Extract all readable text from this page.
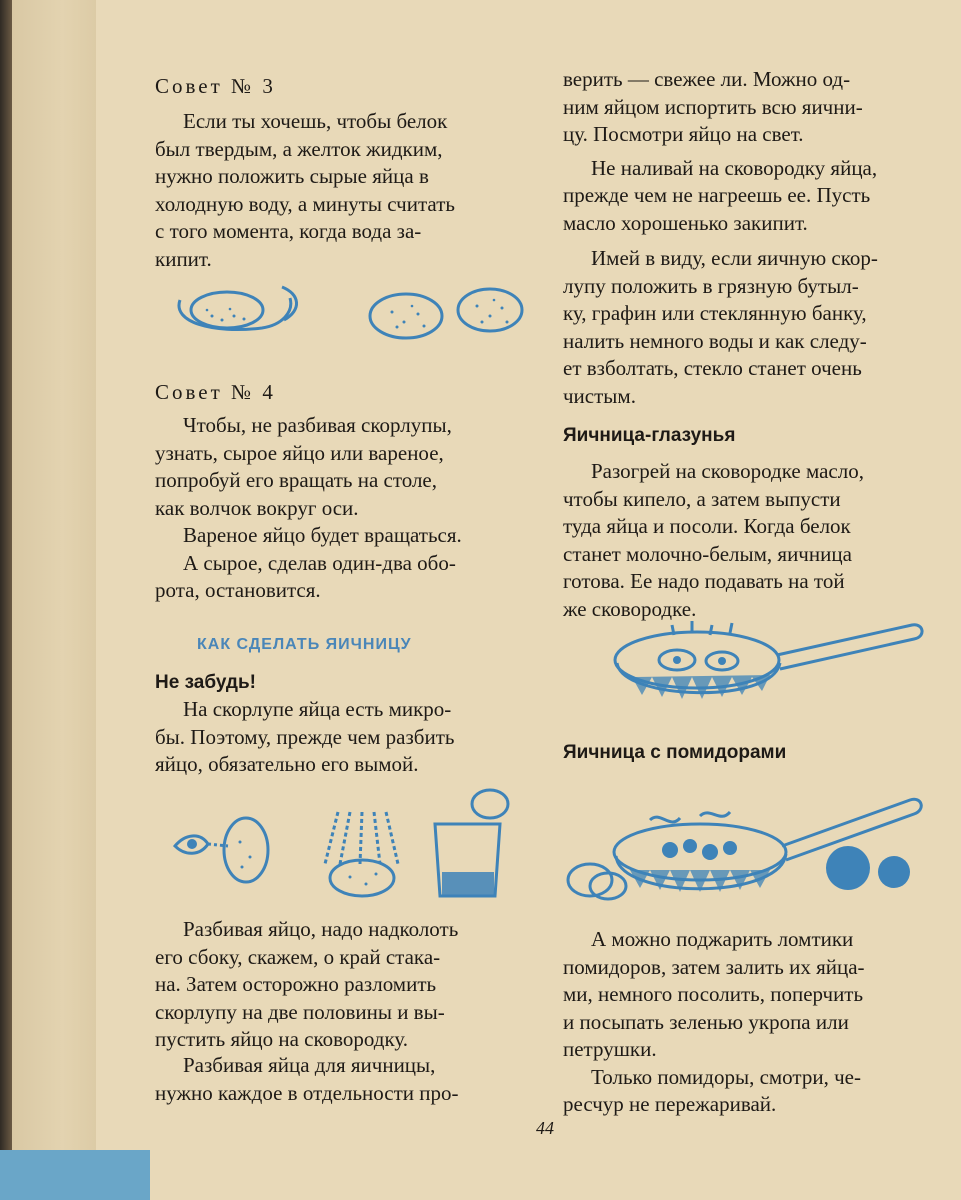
Совет № 3

Если ты хочешь, чтобы белок
был твердым, а желток жидким,
нужно положить сырые яйца в
холодную воду, а минуты считать
с того момента, когда вода за-
кипит.

Совет № 4

Чтобы, не разбивая скорлупы,
узнать, сырое яйцо или вареное,
попробуй его вращать на столе,
как волчок вокруг оси.
Вареное яйцо будет вращаться.
А сырое, сделав один-два обо-
рота, остановится.

КАК СДЕЛАТЬ ЯИЧНИЦУ

Не забудь!

На скорлупе яйца есть микро-
бы. Поэтому, прежде чем разбить
яйцо, обязательно его вымой.
Разбивая яйцо, надо надколоть
его сбоку, скажем, о край стака-
на. Затем осторожно разломить
скорлупу на две половины и вы-
пустить яйцо на сковородку.
Разбивая яйца для яичницы,
нужно каждое в отдельности про-
верить — свежее ли. Можно од-
ним яйцом испортить всю яични-
цу. Посмотри яйцо на свет.
Не наливай на сковородку яйца,
прежде чем не нагреешь ее. Пусть
масло хорошенько закипит.
Имей в виду, если яичную скор-
лупу положить в грязную бутыл-
ку, графин или стеклянную банку,
налить немного воды и как следу-
ет взболтать, стекло станет очень
чистым.

Яичница-глазунья

Разогрей на сковородке масло,
чтобы кипело, а затем выпусти
туда яйца и посоли. Когда белок
станет молочно-белым, яичница
готова. Ее надо подавать на той
же сковородке.

Яичница с помидорами

А можно поджарить ломтики
помидоров, затем залить их яйца-
ми, немного посолить, поперчить
и посыпать зеленью укропа или
петрушки.
Только помидоры, смотри, че-
ресчур не пережаривай.
44
